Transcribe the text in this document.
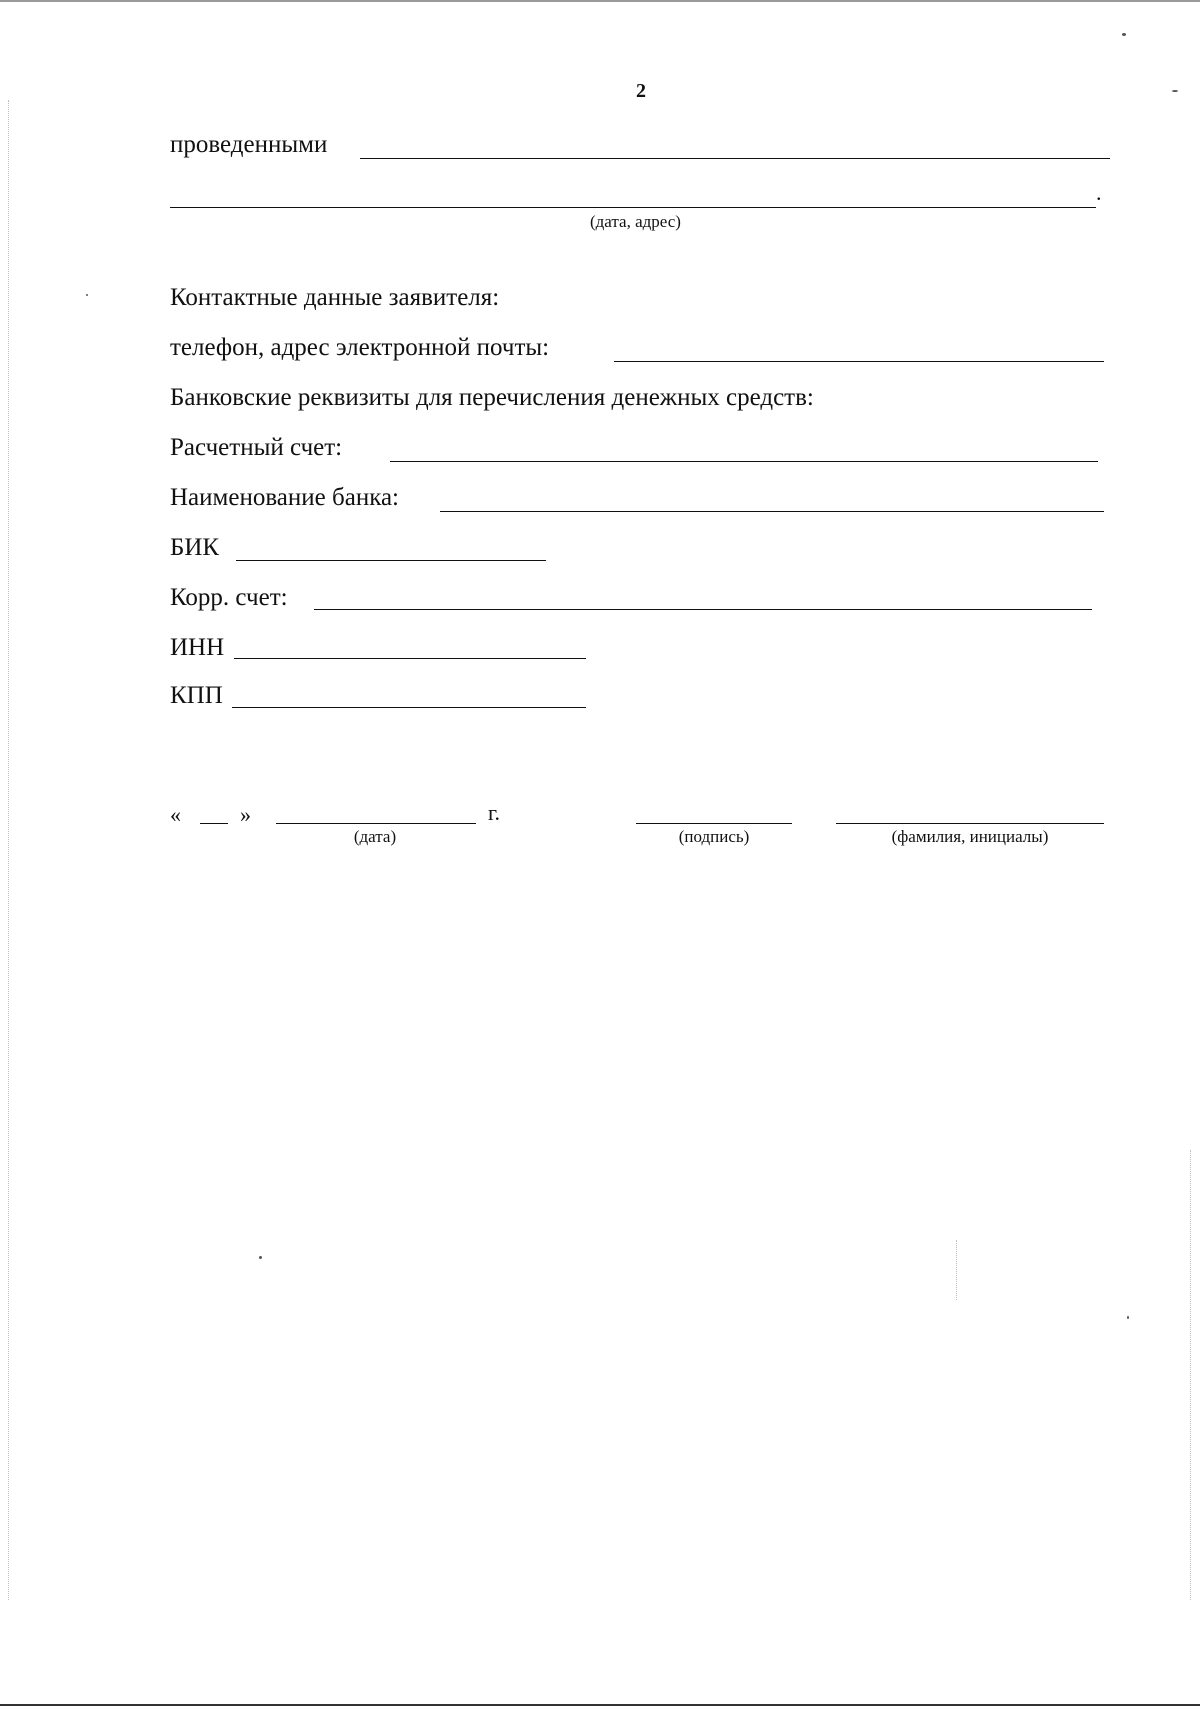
2
проведенными
.
(дата, адрес)
Контактные данные заявителя:
телефон, адрес электронной почты:
Банковские реквизиты для перечисления денежных средств:
Расчетный счет:
Наименование банка:
БИК
Корр. счет:
ИНН
КПП
«	»	г.
(дата)	(подпись)	(фамилия, инициалы)
